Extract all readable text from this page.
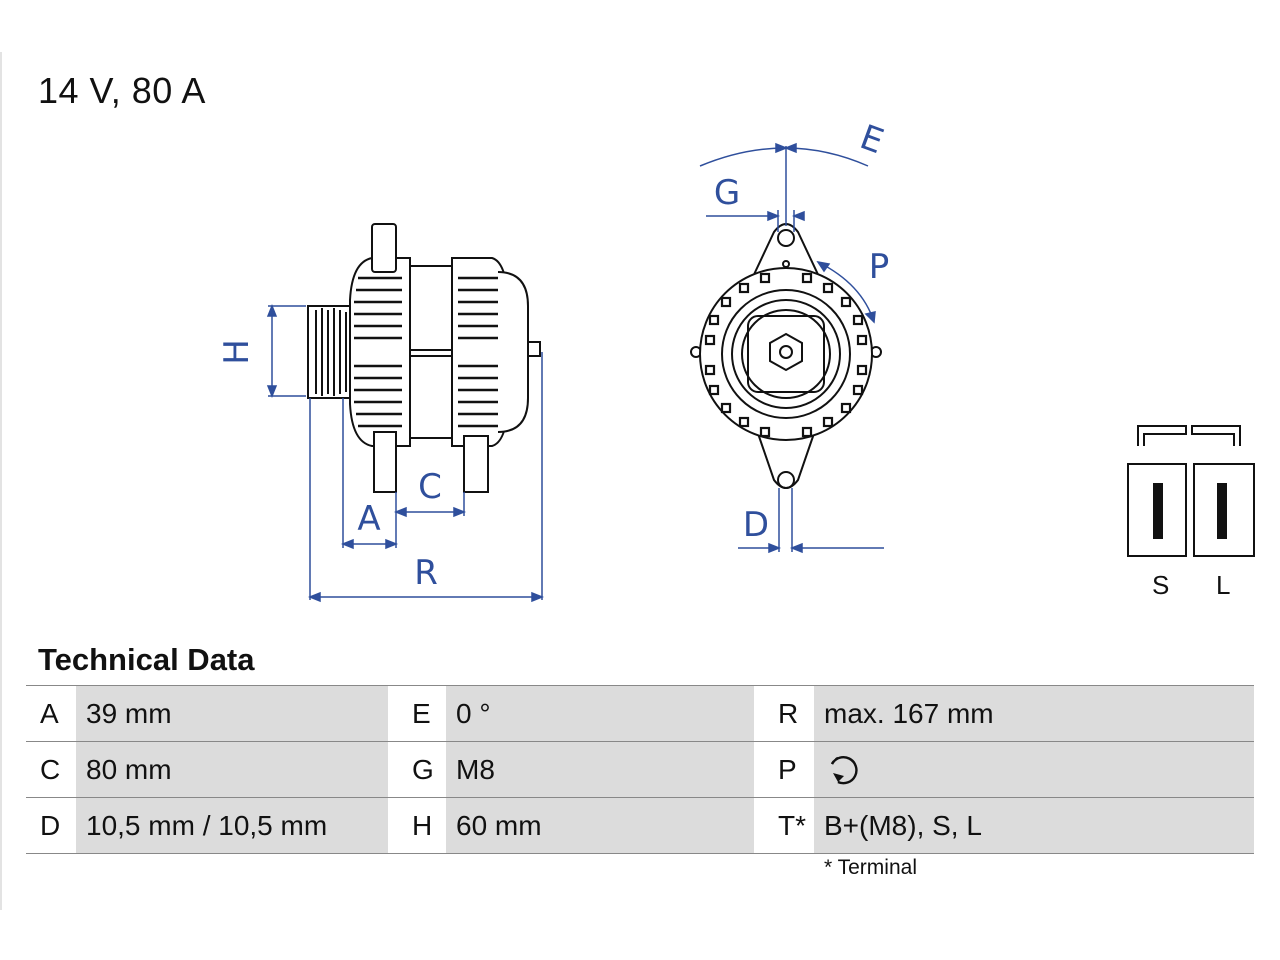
14 V, 80 A
H
C
A
R
E
G
P
D
S L
Technical Data
A 39 mm	E 0 °	R max. 167 mm
C 80 mm	G M8	P
D 10,5 mm / 10,5 mm	H 60 mm	T* B+(M8), S, L
* Terminal
